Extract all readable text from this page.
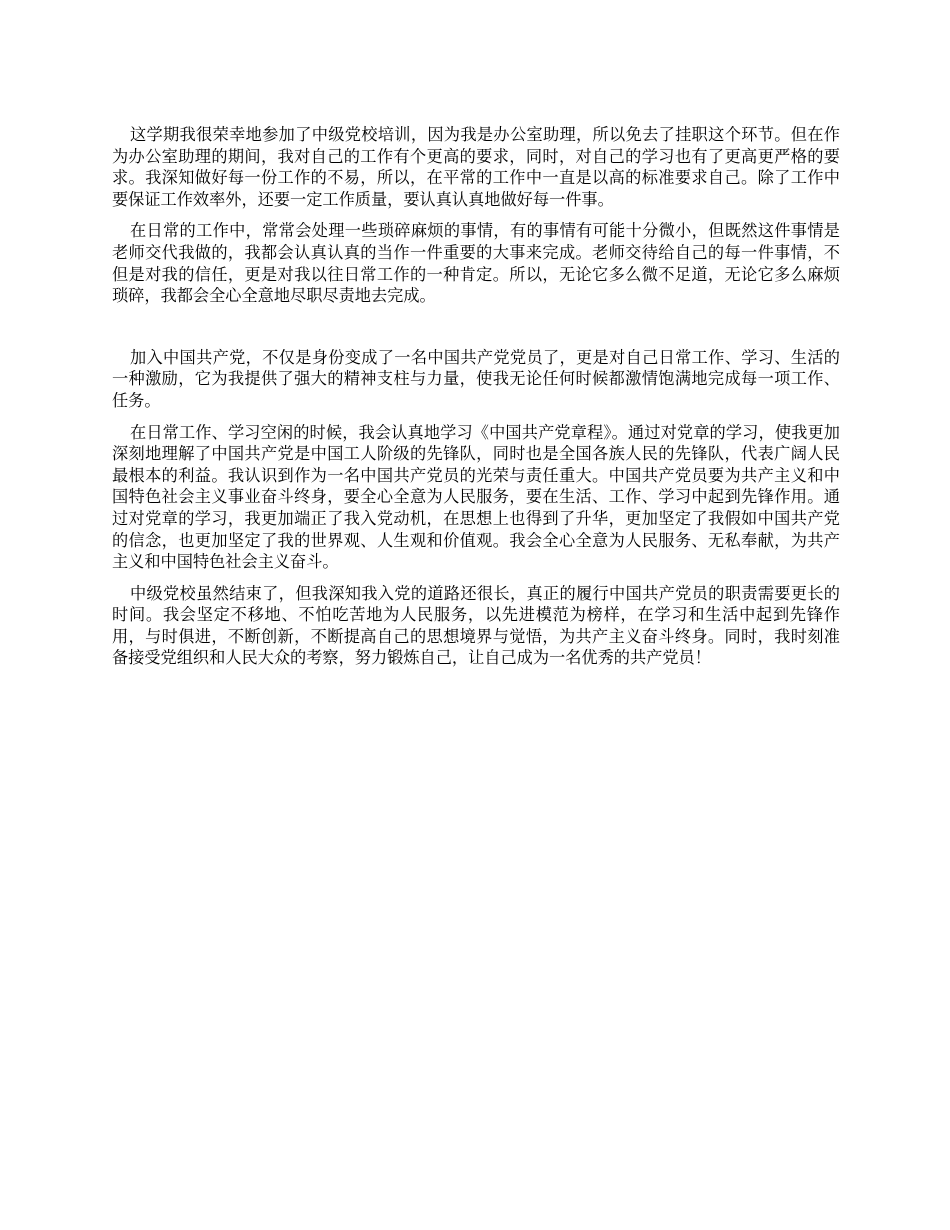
这学期我很荣幸地参加了中级党校培训，因为我是办公室助理，所以免去了挂职这个环节。但在作为办公室助理的期间，我对自己的工作有个更高的要求，同时，对自己的学习也有了更高更严格的要求。我深知做好每一份工作的不易，所以，在平常的工作中一直是以高的标准要求自己。除了工作中要保证工作效率外，还要一定工作质量，要认真认真地做好每一件事。

在日常的工作中，常常会处理一些琐碎麻烦的事情，有的事情有可能十分微小，但既然这件事情是老师交代我做的，我都会认真认真的当作一件重要的大事来完成。老师交待给自己的每一件事情，不但是对我的信任，更是对我以往日常工作的一种肯定。所以，无论它多么微不足道，无论它多么麻烦琐碎，我都会全心全意地尽职尽责地去完成。

加入中国共产党，不仅是身份变成了一名中国共产党党员了，更是对自己日常工作、学习、生活的一种激励，它为我提供了强大的精神支柱与力量，使我无论任何时候都激情饱满地完成每一项工作、任务。

在日常工作、学习空闲的时候，我会认真地学习《中国共产党章程》。通过对党章的学习，使我更加深刻地理解了中国共产党是中国工人阶级的先锋队，同时也是全国各族人民的先锋队，代表广阔人民最根本的利益。我认识到作为一名中国共产党员的光荣与责任重大。中国共产党员要为共产主义和中国特色社会主义事业奋斗终身，要全心全意为人民服务，要在生活、工作、学习中起到先锋作用。通过对党章的学习，我更加端正了我入党动机，在思想上也得到了升华，更加坚定了我假如中国共产党的信念，也更加坚定了我的世界观、人生观和价值观。我会全心全意为人民服务、无私奉献，为共产主义和中国特色社会主义奋斗。

中级党校虽然结束了，但我深知我入党的道路还很长，真正的履行中国共产党员的职责需要更长的时间。我会坚定不移地、不怕吃苦地为人民服务，以先进模范为榜样，在学习和生活中起到先锋作用，与时俱进，不断创新，不断提高自己的思想境界与觉悟，为共产主义奋斗终身。同时，我时刻准备接受党组织和人民大众的考察，努力锻炼自己，让自己成为一名优秀的共产党员！
